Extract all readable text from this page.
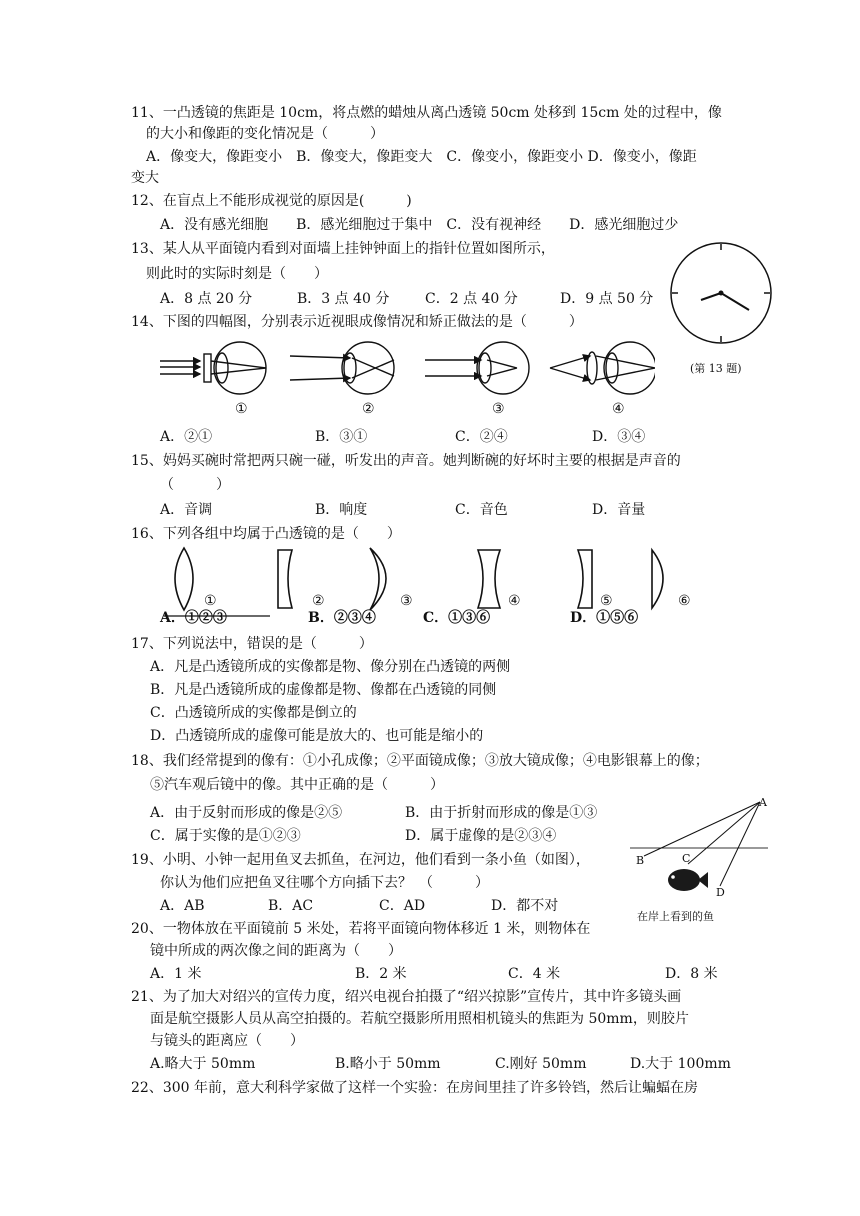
11、一凸透镜的焦距是 10cm，将点燃的蜡烛从离凸透镜 50cm 处移到 15cm 处的过程中，像
的大小和像距的变化情况是（　　　）
A．像变大，像距变小　B．像变大，像距变大　C．像变小，像距变小 D．像变小，像距
变大
12、在盲点上不能形成视觉的原因是(　　　)
A．没有感光细胞　　B．感光细胞过于集中　C．没有视神经　　D．感光细胞过少
13、某人从平面镜内看到对面墙上挂钟钟面上的指针位置如图所示，
则此时的实际时刻是（　　）
A．8 点 20 分	B．3 点 40 分	C．2 点 40 分	D．9 点 50 分
(第 13 题)
14、下图的四幅图，分别表示近视眼成像情况和矫正做法的是（　　　）
①	②	③	④
A．②①	B．③①	C．②④	D．③④
15、妈妈买碗时常把两只碗一碰，听发出的声音。她判断碗的好坏时主要的根据是声音的
（　　　）
A．音调	B．响度	C．音色	D．音量
16、下列各组中均属于凸透镜的是（　　）
①	②	③	④	⑤	⑥
A．①②③	B．②③④	C．①③⑥	D．①⑤⑥
17、下列说法中，错误的是（　　　）
A．凡是凸透镜所成的实像都是物、像分别在凸透镜的两侧
B．凡是凸透镜所成的虚像都是物、像都在凸透镜的同侧
C．凸透镜所成的实像都是倒立的
D．凸透镜所成的虚像可能是放大的、也可能是缩小的
18、我们经常提到的像有：①小孔成像；②平面镜成像；③放大镜成像；④电影银幕上的像；
⑤汽车观后镜中的像。其中正确的是（　　　）
A．由于反射而形成的像是②⑤	B．由于折射而形成的像是①③
C．属于实像的是①②③	D．属于虚像的是②③④
A
B	C
D
在岸上看到的鱼
19、小明、小钟一起用鱼叉去抓鱼，在河边，他们看到一条小鱼（如图），
你认为他们应把鱼叉往哪个方向插下去？　（　　　）
A．AB	B．AC	C．AD	D．都不对
20、一物体放在平面镜前 5 米处，若将平面镜向物体移近 1 米，则物体在
镜中所成的两次像之间的距离为（　　）
A．1 米	B．2 米	C．4 米	D．8 米
21、为了加大对绍兴的宣传力度，绍兴电视台拍摄了“绍兴掠影”宣传片，其中许多镜头画
面是航空摄影人员从高空拍摄的。若航空摄影所用照相机镜头的焦距为 50mm，则胶片
与镜头的距离应（　　）
A.略大于 50mm	B.略小于 50mm	C.刚好 50mm	D.大于 100mm
22、300 年前，意大利科学家做了这样一个实验：在房间里挂了许多铃铛，然后让蝙蝠在房
